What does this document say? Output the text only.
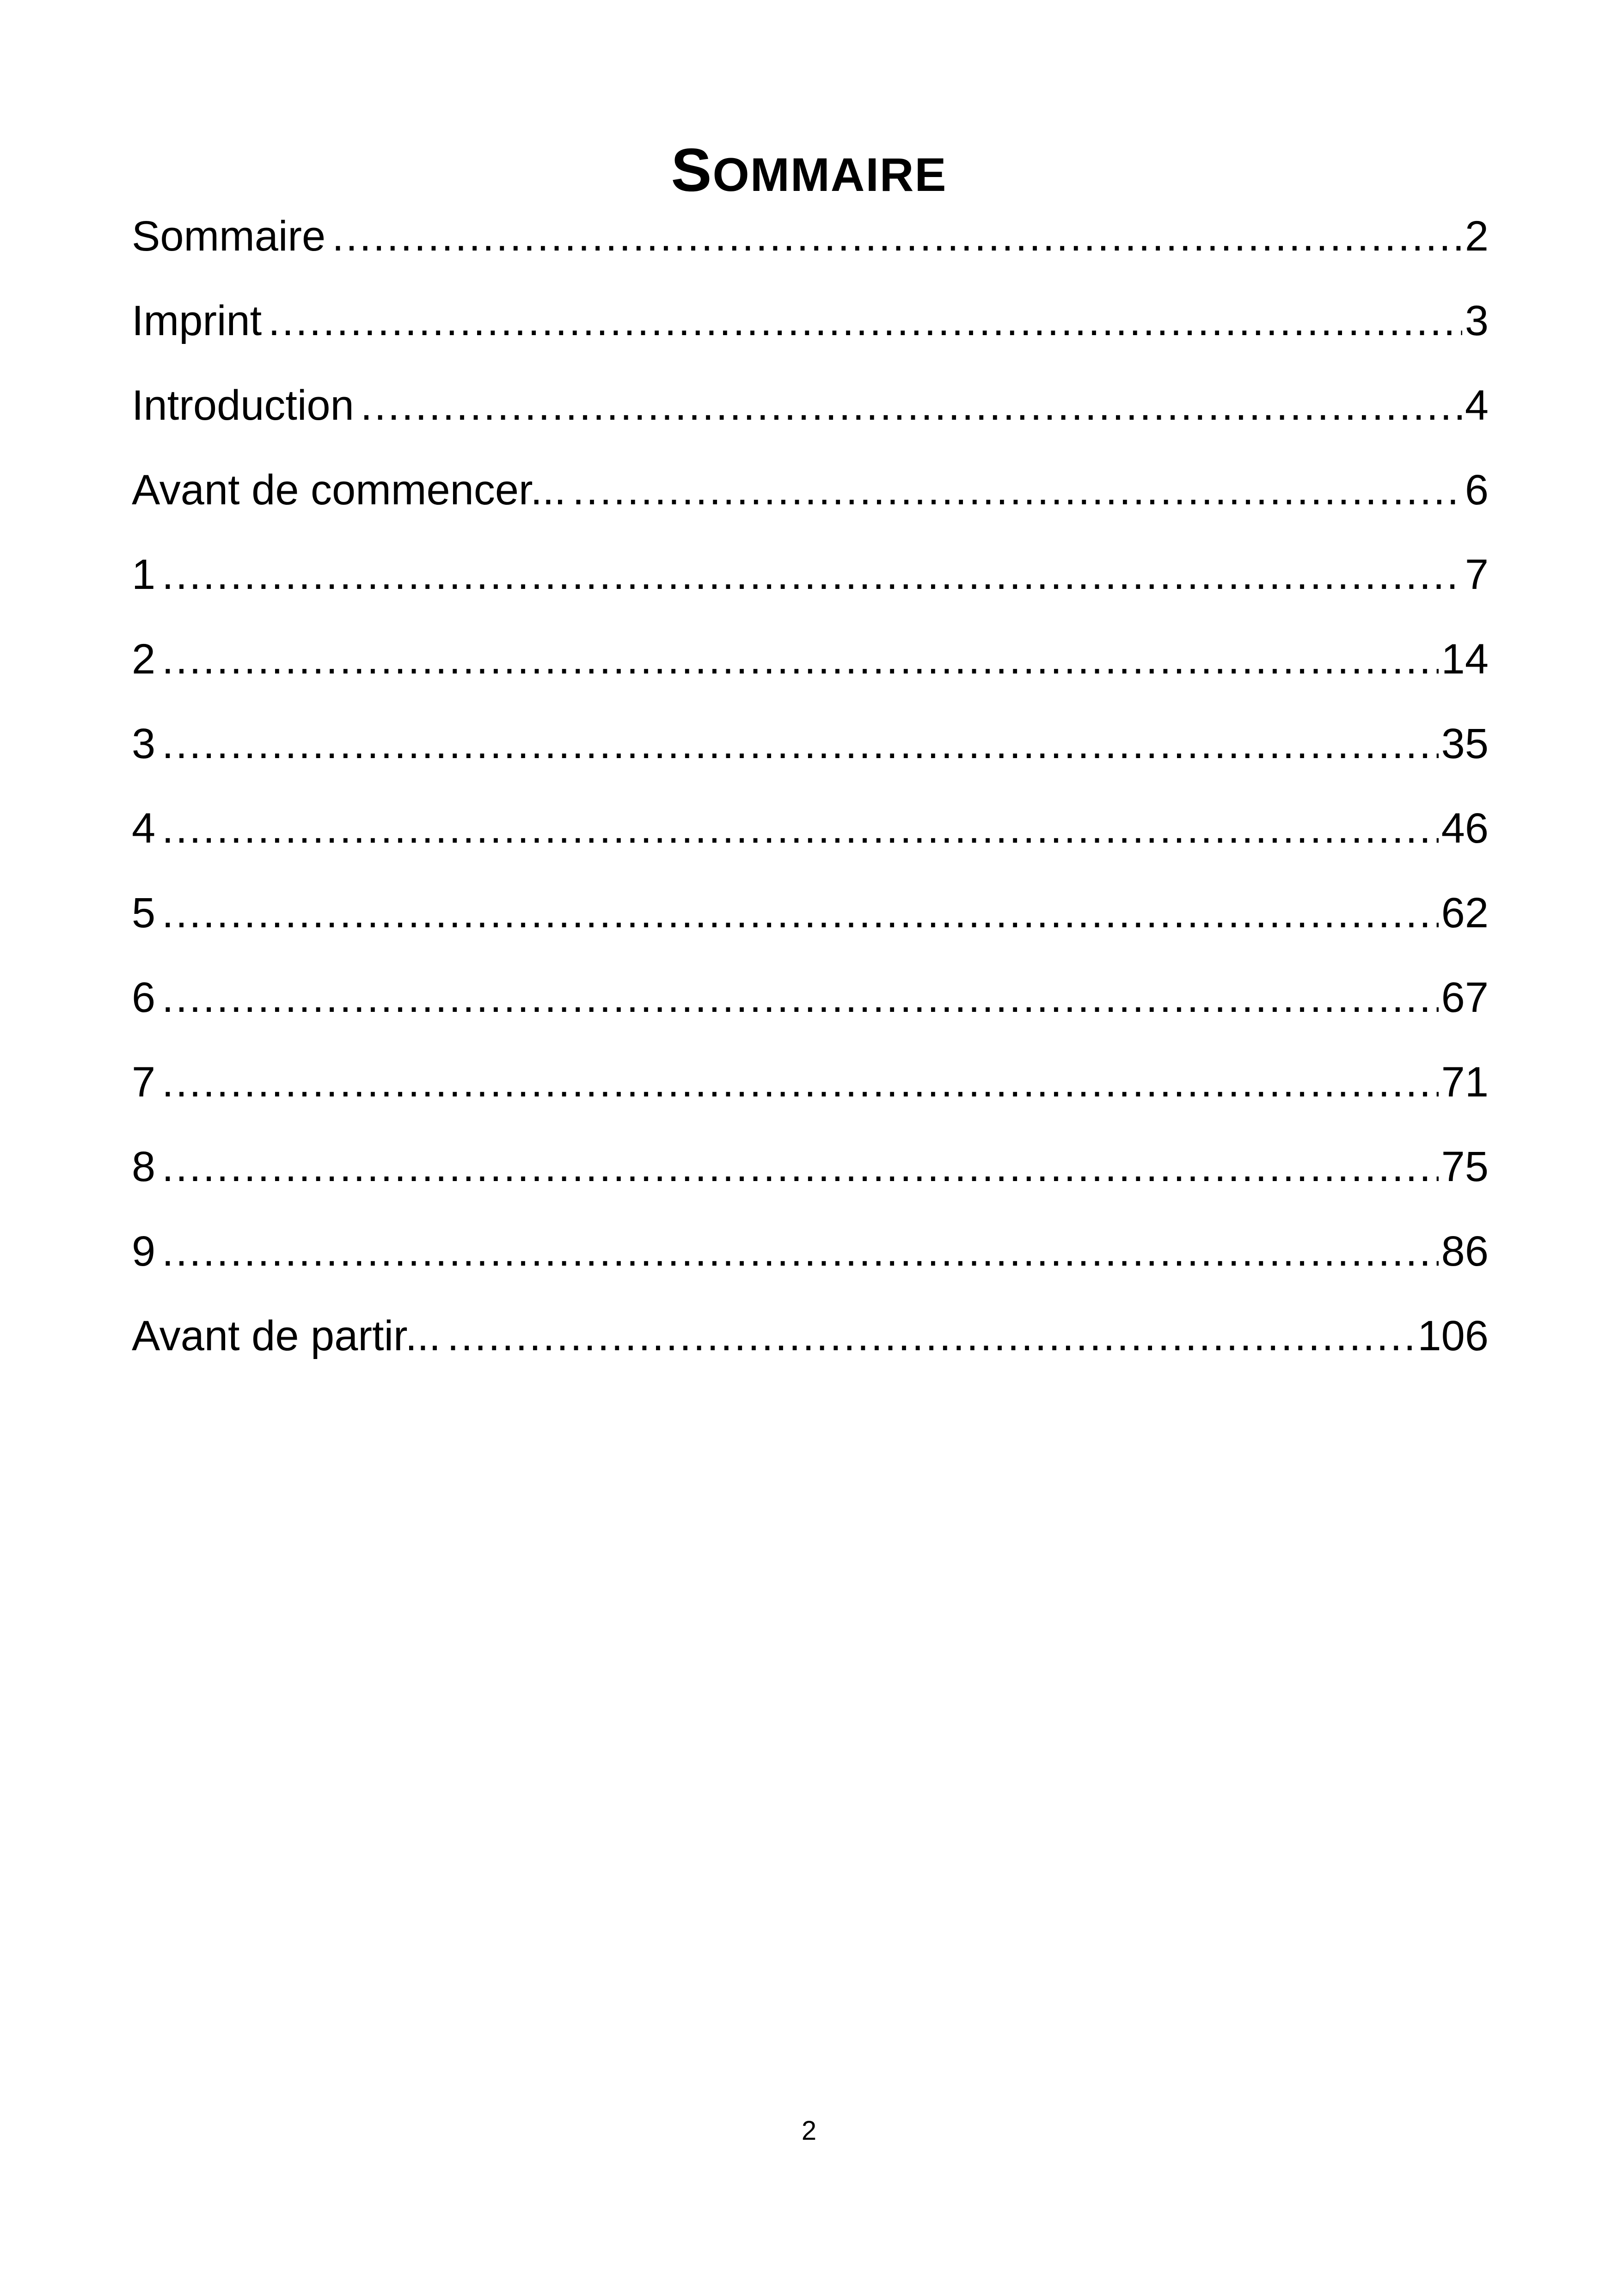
SOMMAIRE
Sommaire .....	2
Imprint .....	3
Introduction .....	4
Avant de commencer... .....	6
1 .....	7
2 .....	14
3 .....	35
4 .....	46
5 .....	62
6 .....	67
7 .....	71
8 .....	75
9 .....	86
Avant de partir... .....	106
2
